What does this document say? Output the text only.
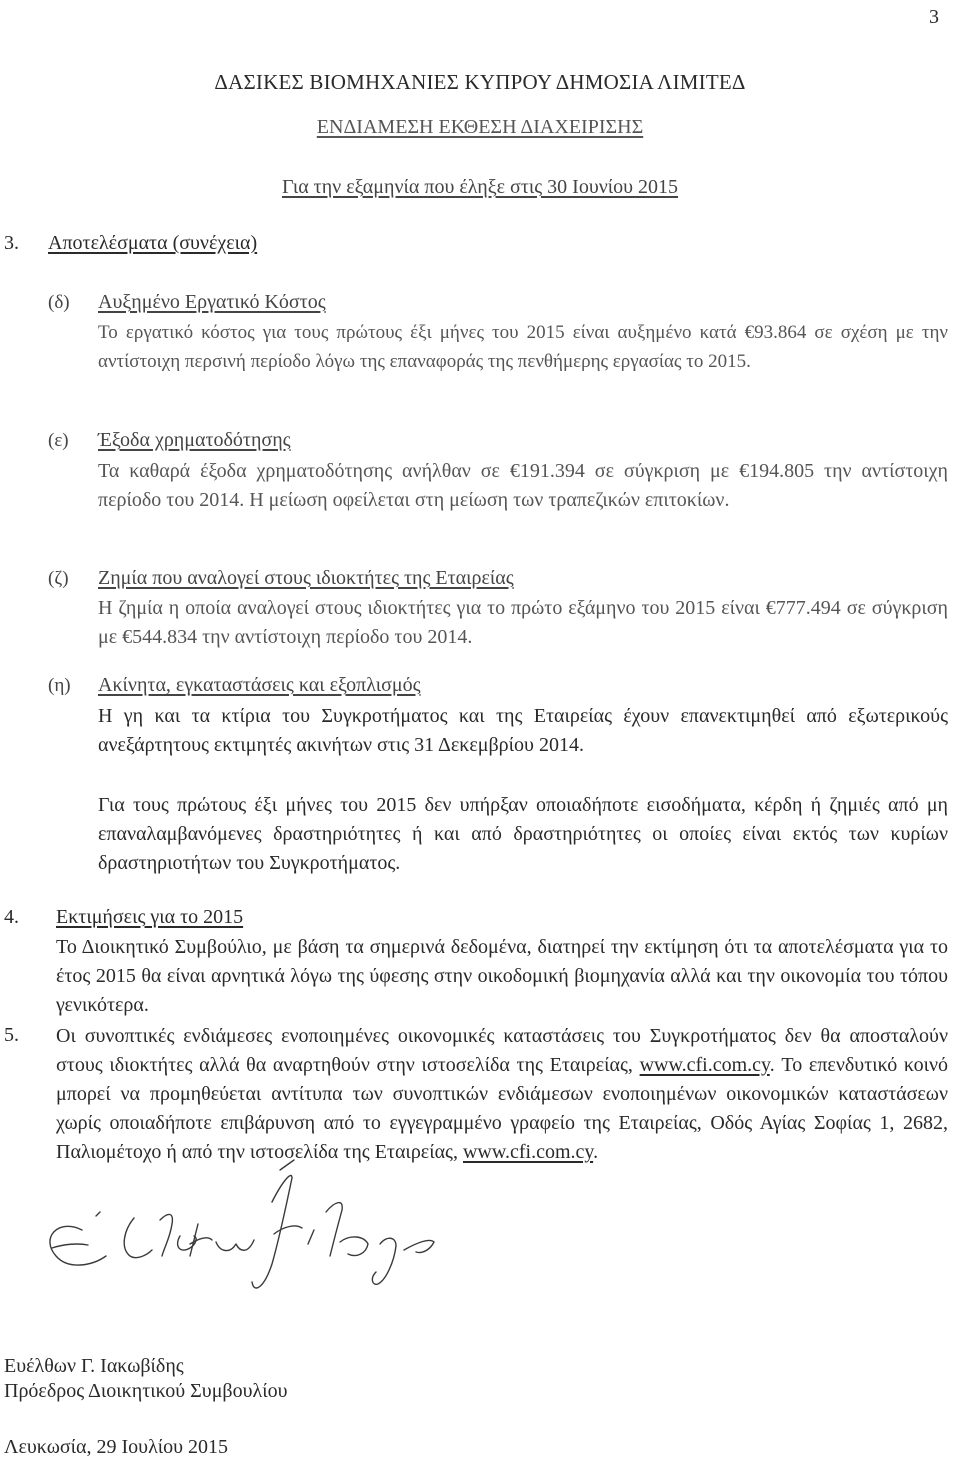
3
ΔΑΣΙΚΕΣ ΒΙΟΜΗΧΑΝΙΕΣ ΚΥΠΡΟΥ ΔΗΜΟΣΙΑ ΛΙΜΙΤΕΔ
ΕΝΔΙΑΜΕΣΗ ΕΚΘΕΣΗ ΔΙΑΧΕΙΡΙΣΗΣ
Για την εξαμηνία που έληξε στις 30 Ιουνίου 2015
3. Αποτελέσματα (συνέχεια)
(δ) Αυξημένο Εργατικό Κόστος

Το εργατικό κόστος για τους πρώτους έξι μήνες του 2015 είναι αυξημένο κατά €93.864 σε σχέση με την αντίστοιχη περσινή περίοδο λόγω της επαναφοράς της πενθήμερης εργασίας το 2015.

(ε) Έξοδα χρηματοδότησης

Τα καθαρά έξοδα χρηματοδότησης ανήλθαν σε €191.394 σε σύγκριση με €194.805 την αντίστοιχη περίοδο του 2014. Η μείωση οφείλεται στη μείωση των τραπεζικών επιτοκίων.

(ζ) Ζημία που αναλογεί στους ιδιοκτήτες της Εταιρείας

Η ζημία η οποία αναλογεί στους ιδιοκτήτες για το πρώτο εξάμηνο του 2015 είναι €777.494 σε σύγκριση με €544.834 την αντίστοιχη περίοδο του 2014.

(η) Ακίνητα, εγκαταστάσεις και εξοπλισμός

Η γη και τα κτίρια του Συγκροτήματος και της Εταιρείας έχουν επανεκτιμηθεί από εξωτερικούς ανεξάρτητους εκτιμητές ακινήτων στις 31 Δεκεμβρίου 2014.

Για τους πρώτους έξι μήνες του 2015 δεν υπήρξαν οποιαδήποτε εισοδήματα, κέρδη ή ζημιές από μη επαναλαμβανόμενες δραστηριότητες ή και από δραστηριότητες οι οποίες είναι εκτός των κυρίων δραστηριοτήτων του Συγκροτήματος.

4. Εκτιμήσεις για το 2015

Το Διοικητικό Συμβούλιο, με βάση τα σημερινά δεδομένα, διατηρεί την εκτίμηση ότι τα αποτελέσματα για το έτος 2015 θα είναι αρνητικά λόγω της ύφεσης στην οικοδομική βιομηχανία αλλά και την οικονομία του τόπου γενικότερα.

5. Οι συνοπτικές ενδιάμεσες ενοποιημένες οικονομικές καταστάσεις του Συγκροτήματος δεν θα αποσταλούν στους ιδιοκτήτες αλλά θα αναρτηθούν στην ιστοσελίδα της Εταιρείας, www.cfi.com.cy. Το επενδυτικό κοινό μπορεί να προμηθεύεται αντίτυπα των συνοπτικών ενδιάμεσων ενοποιημένων οικονομικών καταστάσεων χωρίς οποιαδήποτε επιβάρυνση από το εγγεγραμμένο γραφείο της Εταιρείας, Οδός Αγίας Σοφίας 1, 2682, Παλιομέτοχο ή από την ιστοσελίδα της Εταιρείας, www.cfi.com.cy.

Ευέλθων Γ. Ιακωβίδης
Πρόεδρος Διοικητικού Συμβουλίου
Λευκωσία, 29 Ιουλίου 2015
